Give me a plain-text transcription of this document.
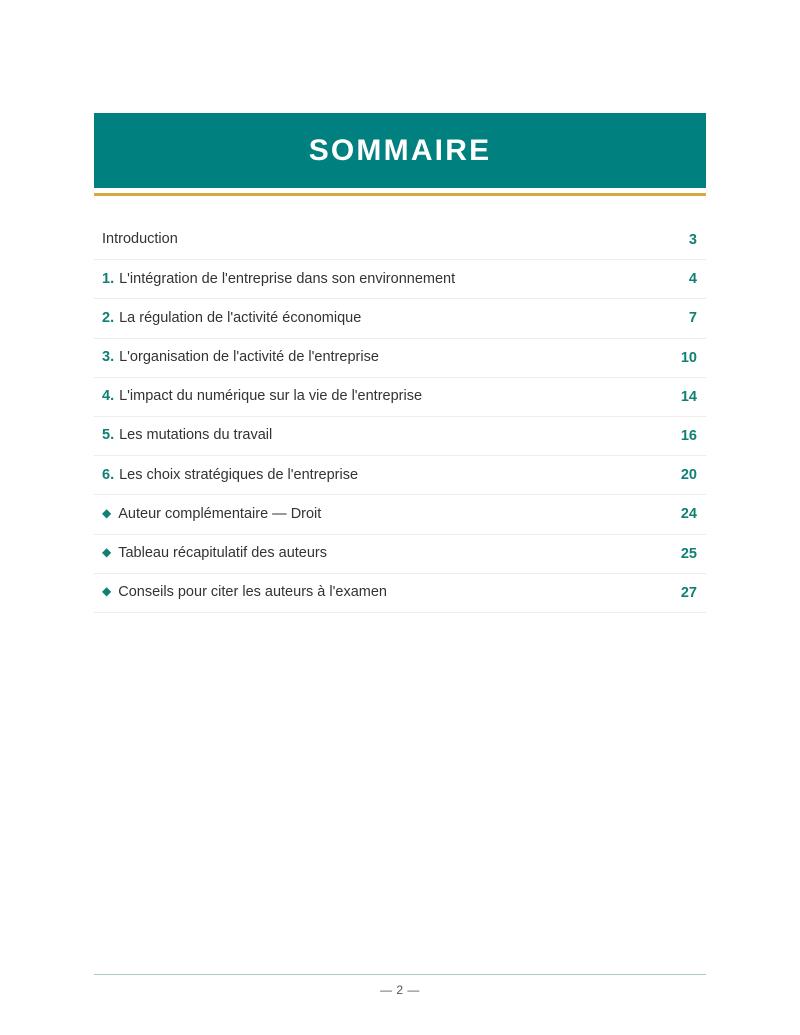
SOMMAIRE
Introduction	3
1. L'intégration de l'entreprise dans son environnement	4
2. La régulation de l'activité économique	7
3. L'organisation de l'activité de l'entreprise	10
4. L'impact du numérique sur la vie de l'entreprise	14
5. Les mutations du travail	16
6. Les choix stratégiques de l'entreprise	20
◆ Auteur complémentaire — Droit	24
◆ Tableau récapitulatif des auteurs	25
◆ Conseils pour citer les auteurs à l'examen	27
— 2 —
